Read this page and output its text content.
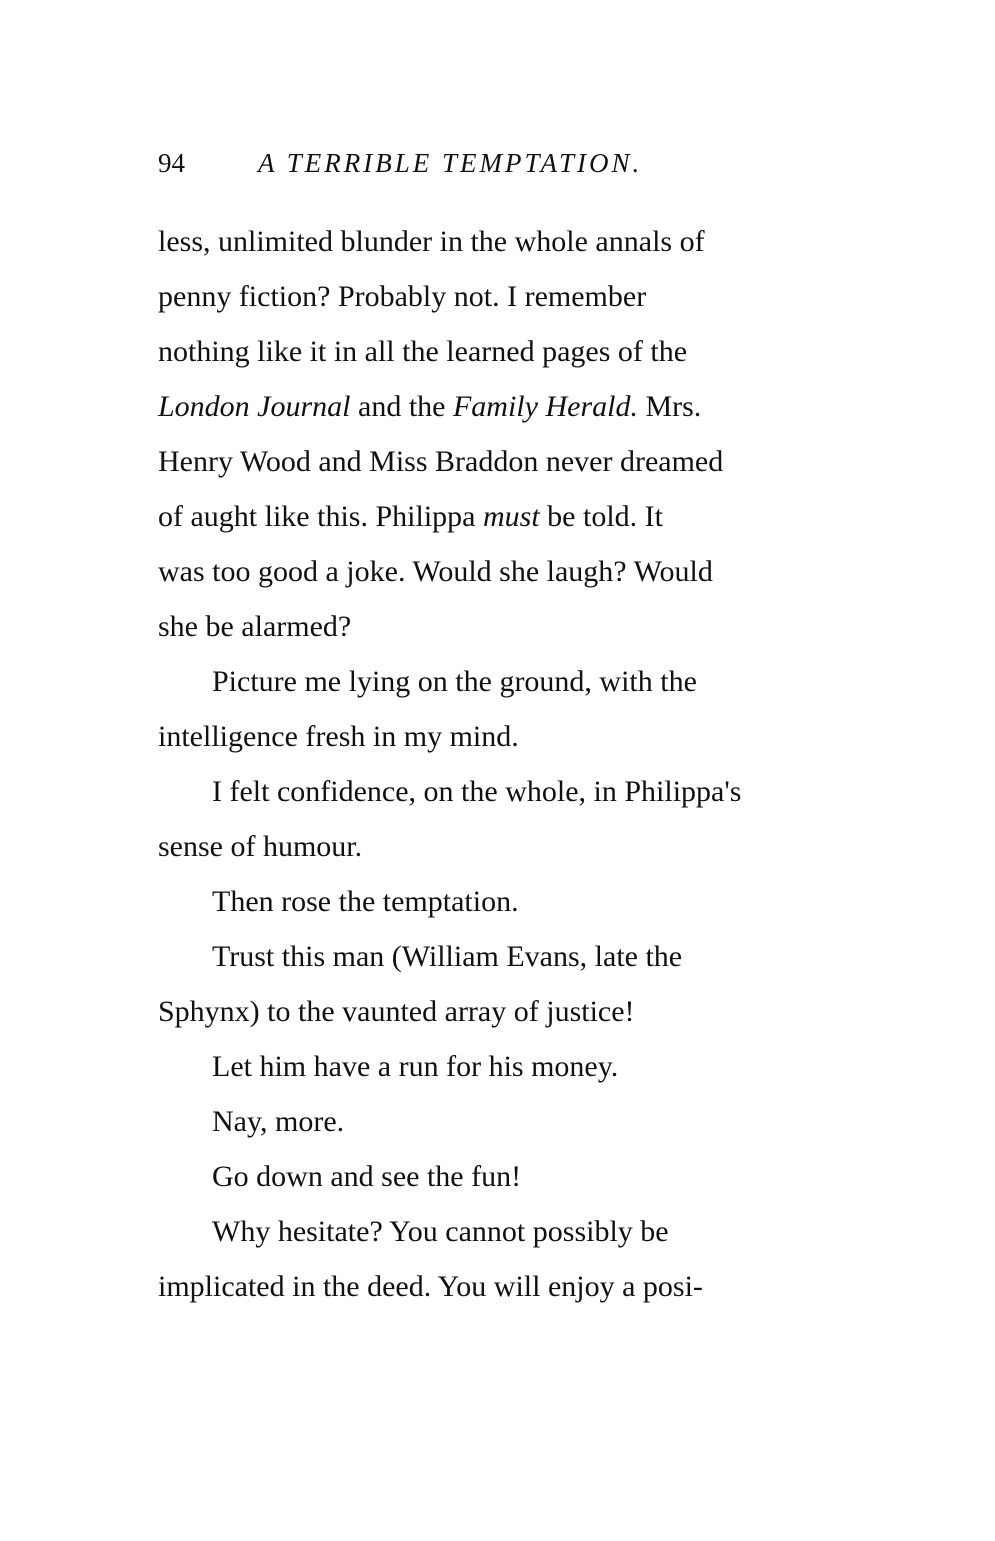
94	A TERRIBLE TEMPTATION.
less, unlimited blunder in the whole annals of
penny fiction? Probably not. I remember
nothing like it in all the learned pages of the
London Journal and the Family Herald. Mrs.
Henry Wood and Miss Braddon never dreamed
of aught like this. Philippa must be told. It
was too good a joke. Would she laugh? Would
she be alarmed?
Picture me lying on the ground, with the
intelligence fresh in my mind.
I felt confidence, on the whole, in Philippa's
sense of humour.
Then rose the temptation.
Trust this man (William Evans, late the
Sphynx) to the vaunted array of justice!
Let him have a run for his money.
Nay, more.
Go down and see the fun!
Why hesitate? You cannot possibly be
implicated in the deed. You will enjoy a posi-
